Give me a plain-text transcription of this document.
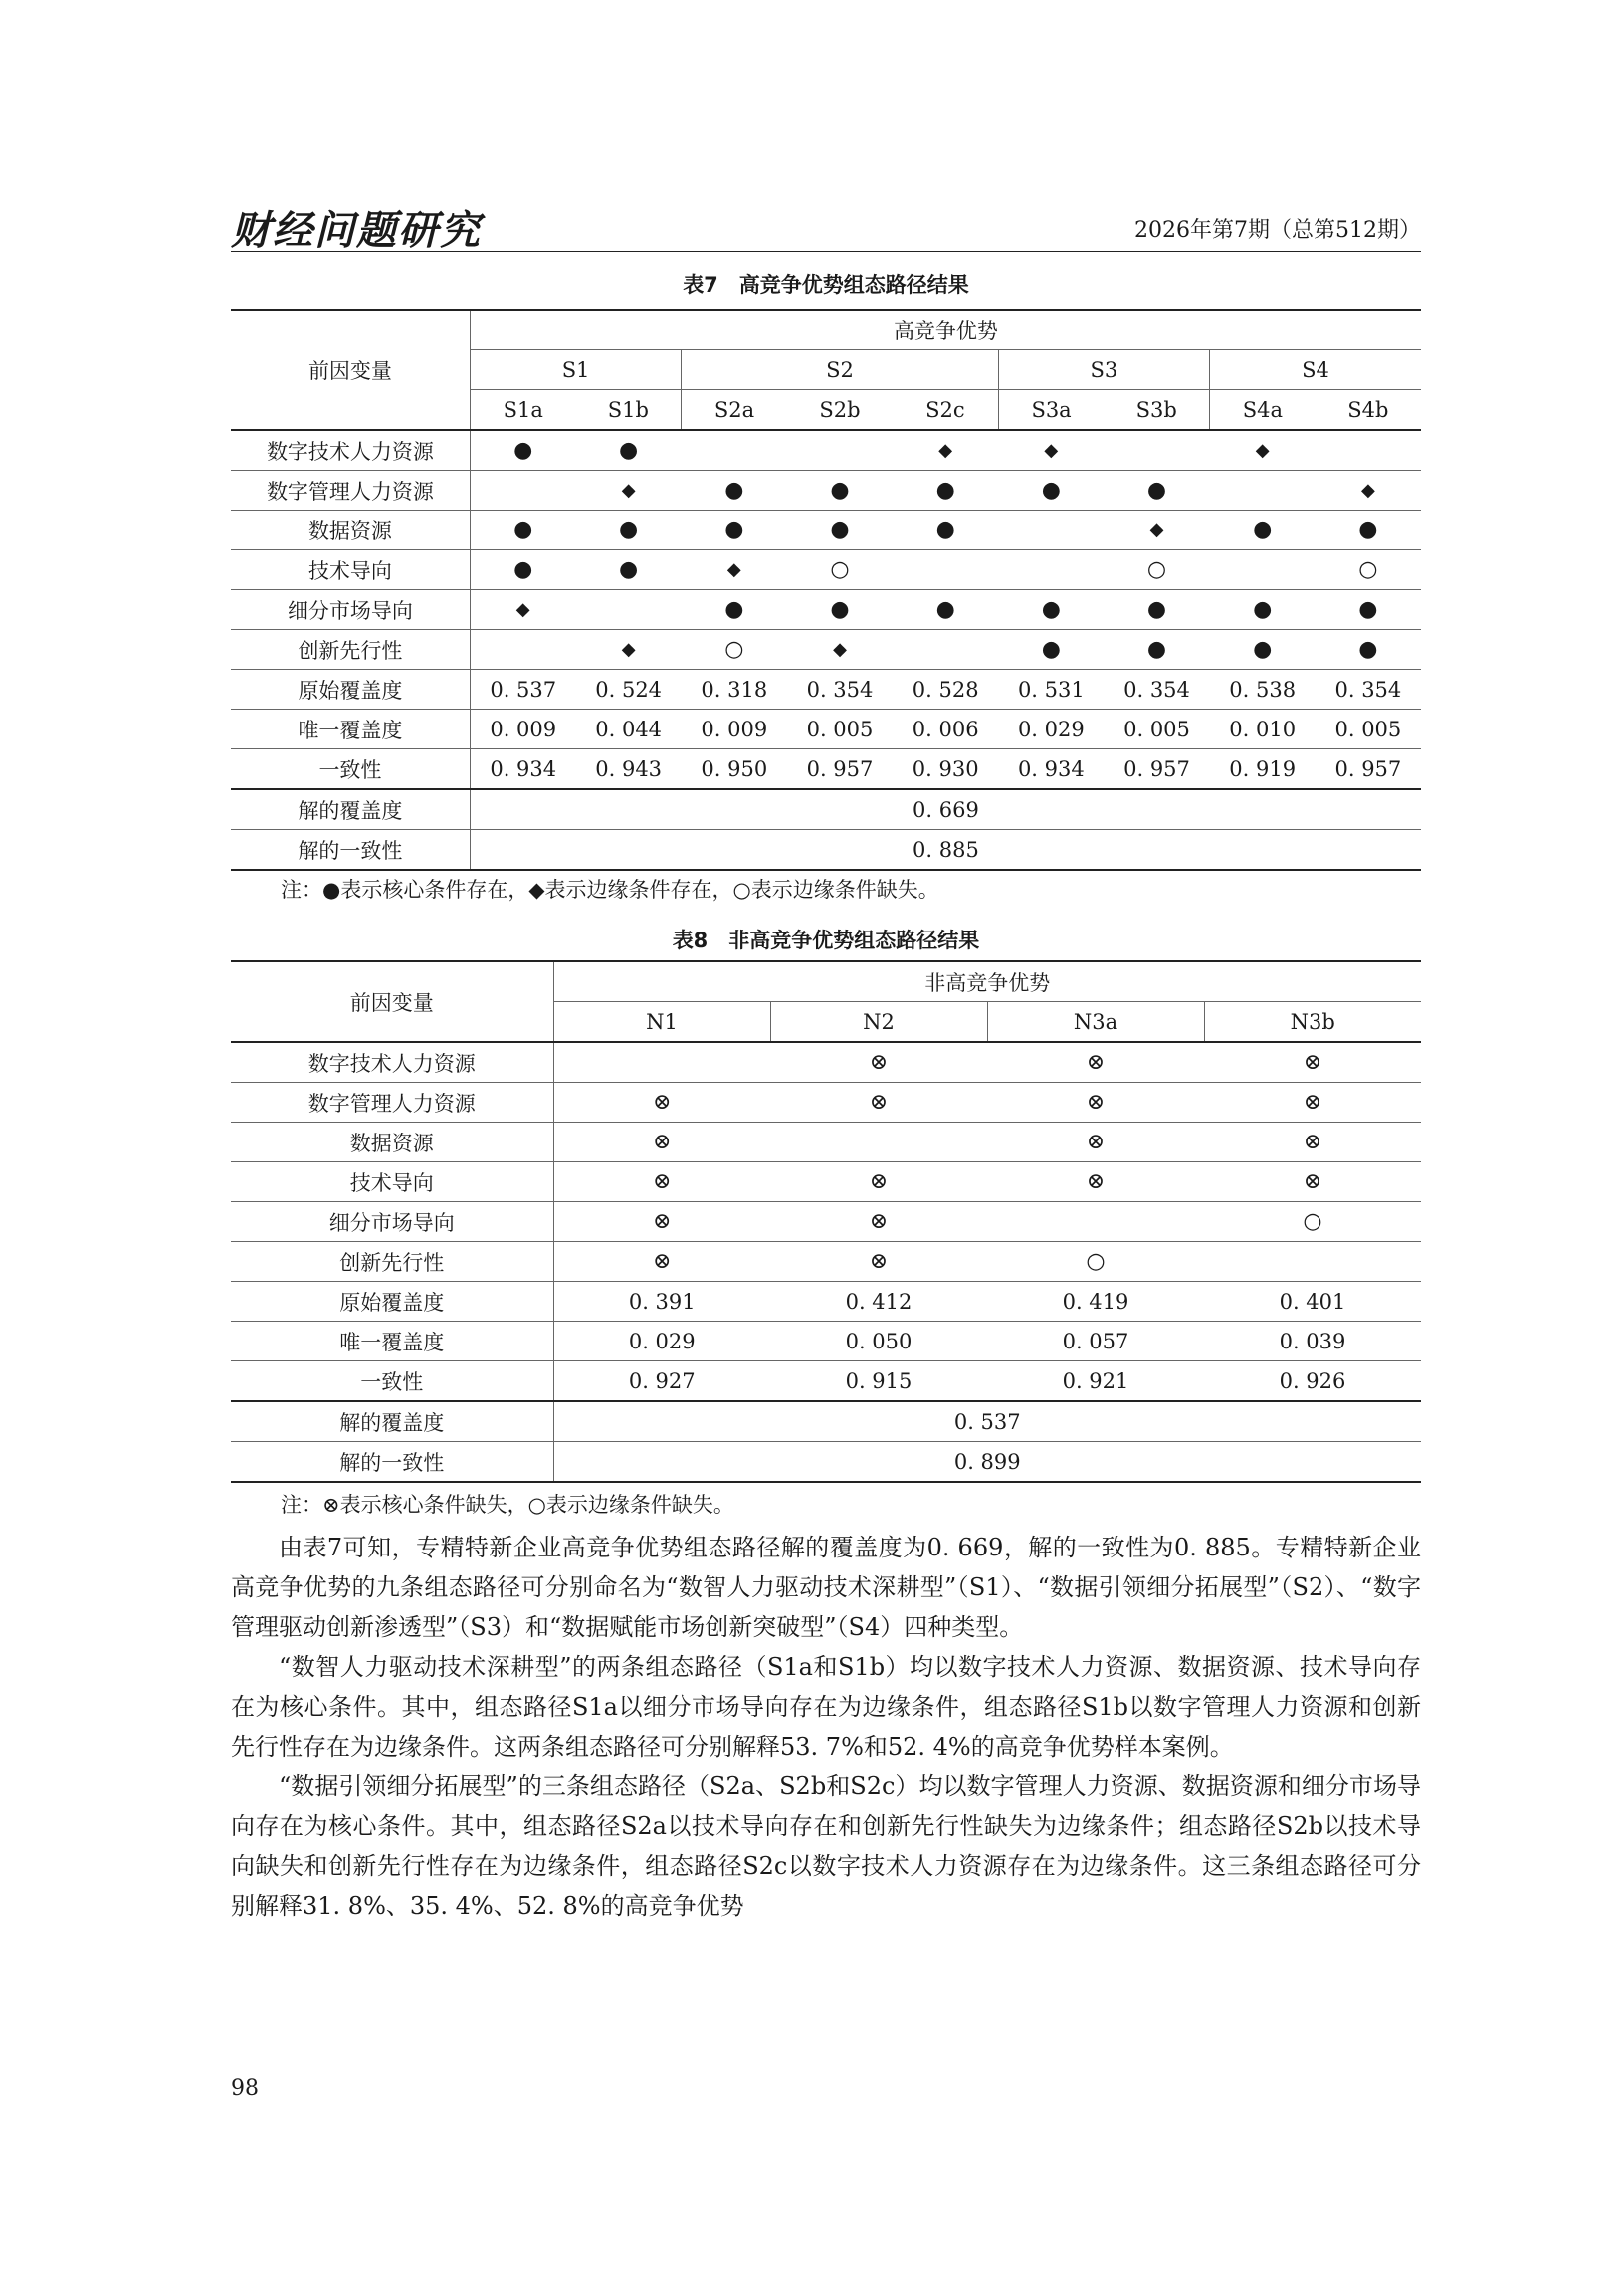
财经问题研究	2026年第7期（总第512期）
表7　高竞争优势组态路径结果
前因变量	高竞争优势								
	S1		S2			S3		S4	
	S1a	S1b	S2a	S2b	S2c	S3a	S3b	S4a	S4b
数字技术人力资源	●	●			◆	◆		◆	
数字管理人力资源		◆	●	●	●	●	●		◆
数据资源	●	●	●	●	●		◆	●	●
技术导向	●	●	◆	○			○		○
细分市场导向	◆		●	●	●	●	●	●	●
创新先行性		◆	○	◆		●	●	●	●
原始覆盖度	0. 537	0. 524	0. 318	0. 354	0. 528	0. 531	0. 354	0. 538	0. 354
唯一覆盖度	0. 009	0. 044	0. 009	0. 005	0. 006	0. 029	0. 005	0. 010	0. 005
一致性	0. 934	0. 943	0. 950	0. 957	0. 930	0. 934	0. 957	0. 919	0. 957
解的覆盖度	0. 669								
解的一致性	0. 885								
注：●表示核心条件存在，◆表示边缘条件存在，○表示边缘条件缺失。
表8　非高竞争优势组态路径结果
前因变量	非高竞争优势			
	N1	N2	N3a	N3b
数字技术人力资源		⊗	⊗	⊗
数字管理人力资源	⊗	⊗	⊗	⊗
数据资源	⊗		⊗	⊗
技术导向	⊗	⊗	⊗	⊗
细分市场导向	⊗	⊗		○
创新先行性	⊗	⊗	○	
原始覆盖度	0. 391	0. 412	0. 419	0. 401
唯一覆盖度	0. 029	0. 050	0. 057	0. 039
一致性	0. 927	0. 915	0. 921	0. 926
解的覆盖度	0. 537			
解的一致性	0. 899			
注：⊗表示核心条件缺失，○表示边缘条件缺失。

由表7可知，专精特新企业高竞争优势组态路径解的覆盖度为0. 669，解的一致性为0. 885。专精特新企业高竞争优势的九条组态路径可分别命名为“数智人力驱动技术深耕型”（S1）、“数据引领细分拓展型”（S2）、“数字管理驱动创新渗透型”（S3）和“数据赋能市场创新突破型”（S4）四种类型。

“数智人力驱动技术深耕型”的两条组态路径（S1a和S1b）均以数字技术人力资源、数据资源、技术导向存在为核心条件。其中，组态路径S1a以细分市场导向存在为边缘条件，组态路径S1b以数字管理人力资源和创新先行性存在为边缘条件。这两条组态路径可分别解释53. 7%和52. 4%的高竞争优势样本案例。

“数据引领细分拓展型”的三条组态路径（S2a、S2b和S2c）均以数字管理人力资源、数据资源和细分市场导向存在为核心条件。其中，组态路径S2a以技术导向存在和创新先行性缺失为边缘条件；组态路径S2b以技术导向缺失和创新先行性存在为边缘条件，组态路径S2c以数字技术人力资源存在为边缘条件。这三条组态路径可分别解释31. 8%、35. 4%、52. 8%的高竞争优势

98
